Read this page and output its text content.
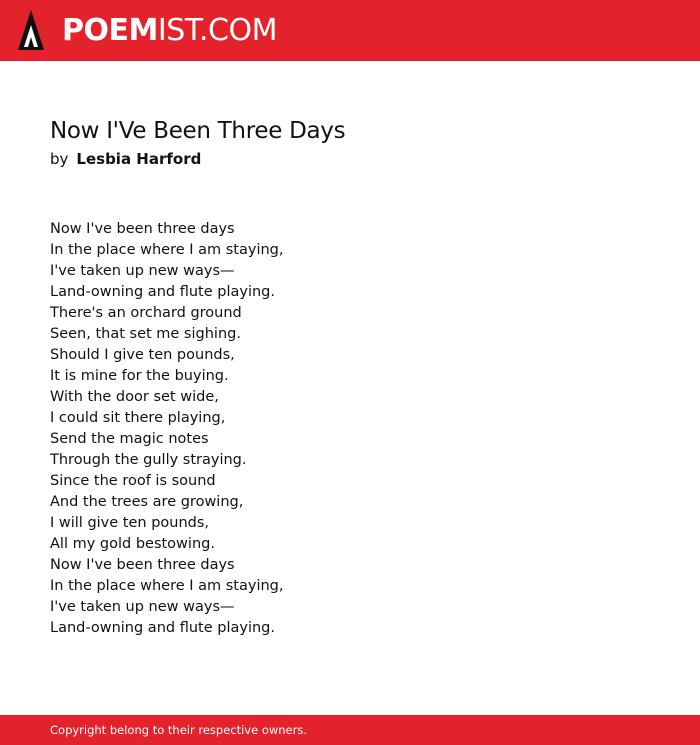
POEMIST.COM
Now I'Ve Been Three Days
by Lesbia Harford
Now I've been three days
In the place where I am staying,
I've taken up new ways—
Land-owning and flute playing.
There's an orchard ground
Seen, that set me sighing.
Should I give ten pounds,
It is mine for the buying.
With the door set wide,
I could sit there playing,
Send the magic notes
Through the gully straying.
Since the roof is sound
And the trees are growing,
I will give ten pounds,
All my gold bestowing.
Now I've been three days
In the place where I am staying,
I've taken up new ways—
Land-owning and flute playing.
Copyright belong to their respective owners.
